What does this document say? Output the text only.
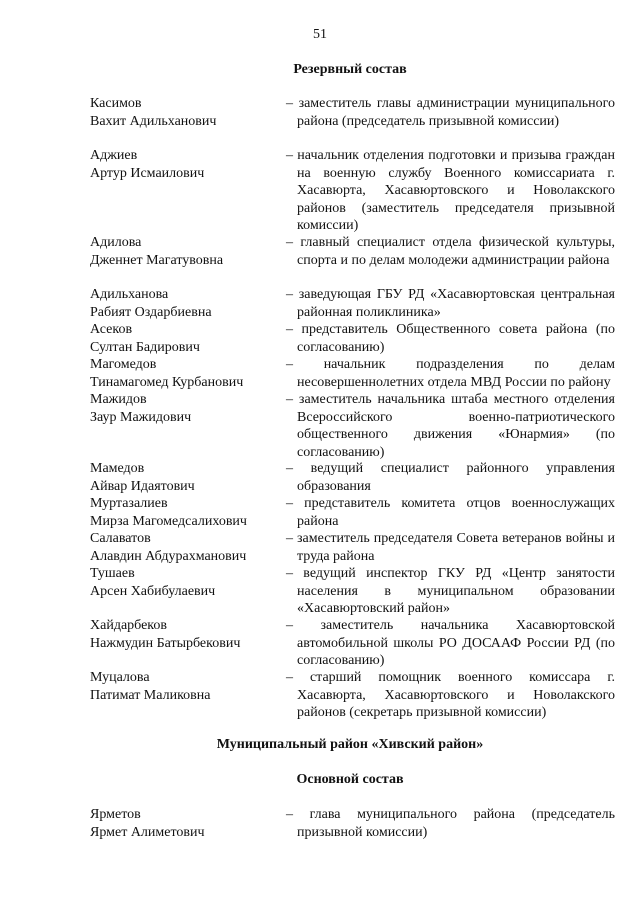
51
Резервный состав
Касимов
Вахит Адильханович
– заместитель главы администрации муниципального района (председатель призывной комиссии)
Аджиев
Артур Исмаилович
– начальник отделения подготовки и призыва граждан на военную службу Военного комиссариата г. Хасавюрта, Хасавюртовского и Новолакского районов (заместитель председателя призывной комиссии)
Адилова
Дженнет Магатувовна
– главный специалист отдела физической культуры, спорта и по делам молодежи администрации района
Адильханова
Рабият Оздарбиевна
– заведующая ГБУ РД «Хасавюртовская центральная районная поликлиника»
Асеков
Султан Бадирович
– представитель Общественного совета района (по согласованию)
Магомедов
Тинамагомед Курбанович
– начальник подразделения по делам несовершеннолетних отдела МВД России по району
Мажидов
Заур Мажидович
– заместитель начальника штаба местного отделения Всероссийского военно-патриотического общественного движения «Юнармия» (по согласованию)
Мамедов
Айвар Идаятович
– ведущий специалист районного управления образования
Муртазалиев
Мирза Магомедсалихович
– представитель комитета отцов военнослужащих района
Салаватов
Алавдин Абдурахманович
– заместитель председателя Совета ветеранов войны и труда района
Тушаев
Арсен Хабибулаевич
– ведущий инспектор ГКУ РД «Центр занятости населения в муниципальном образовании «Хасавюртовский район»
Хайдарбеков
Нажмудин Батырбекович
– заместитель начальника Хасавюртовской автомобильной школы РО ДОСААФ России РД (по согласованию)
Муцалова
Патимат Маликовна
– старший помощник военного комиссара г. Хасавюрта, Хасавюртовского и Новолакского районов (секретарь призывной комиссии)
Муниципальный район «Хивский район»
Основной состав
Ярметов
Ярмет Алиметович
– глава муниципального района (председатель призывной комиссии)
